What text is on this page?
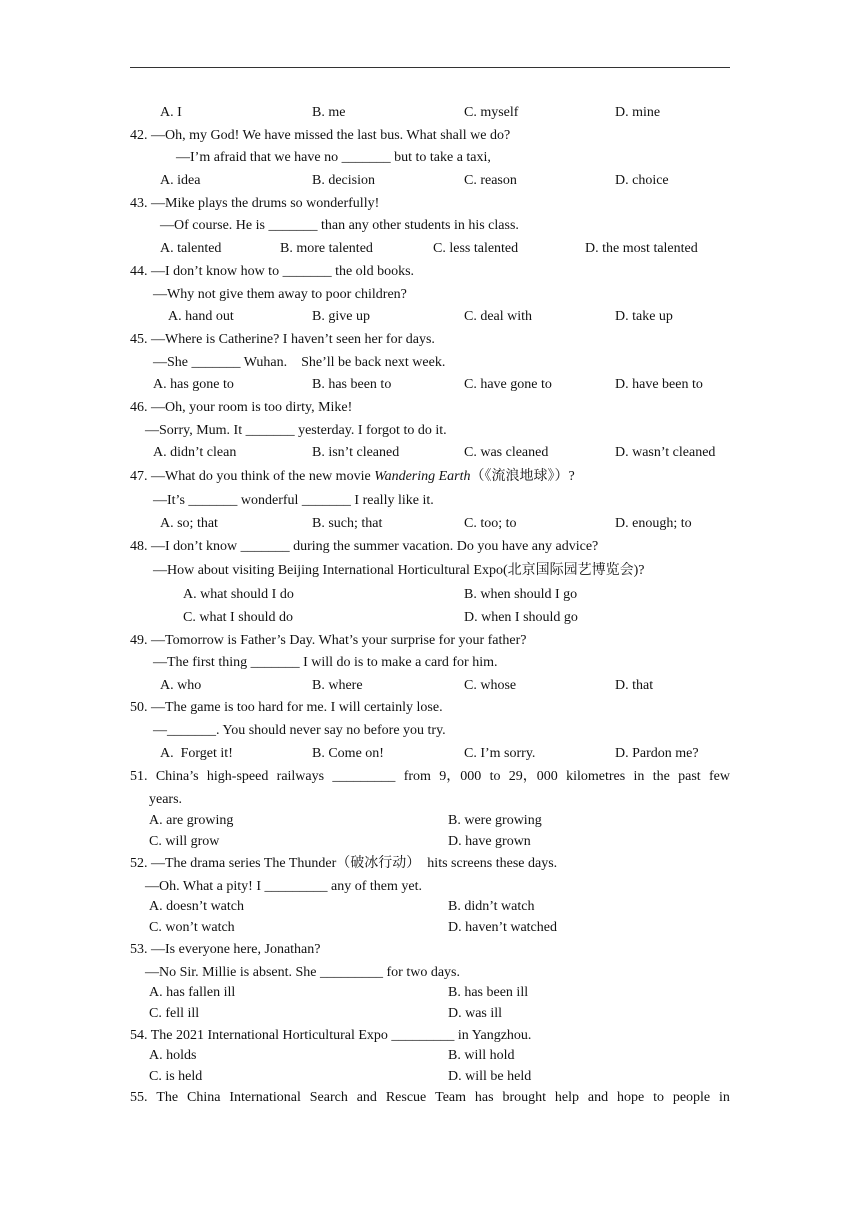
A. I	B. me	C. myself	D. mine
42. —Oh, my God! We have missed the last bus. What shall we do?
—I’m afraid that we have no _______ but to take a taxi,
A. idea	B. decision	C. reason	D. choice
43. —Mike plays the drums so wonderfully!
—Of course. He is _______ than any other students in his class.
A. talented	B. more talented	C. less talented	D. the most talented
44. —I don’t know how to _______ the old books.
—Why not give them away to poor children?
A. hand out	B. give up	C. deal with	D. take up
45. —Where is Catherine? I haven’t seen her for days.
—She _______ Wuhan.    She’ll be back next week.
A. has gone to	B. has been to	C. have gone to	D. have been to
46. —Oh, your room is too dirty, Mike!
—Sorry, Mum. It _______ yesterday. I forgot to do it.
A. didn’t clean	B. isn’t cleaned	C. was cleaned	D. wasn’t cleaned
47. —What do you think of the new movie Wandering Earth（《流浪地球》）?
—It’s _______ wonderful _______ I really like it.
A. so; that	B. such; that	C. too; to	D. enough; to
48. —I don’t know _______ during the summer vacation. Do you have any advice?
—How about visiting Beijing International Horticultural Expo(北京国际园艺博览会)?
A. what should I do	B. when should I go
C. what I should do	D. when I should go
49. —Tomorrow is Father’s Day. What’s your surprise for your father?
—The first thing _______ I will do is to make a card for him.
A. who	B. where	C. whose	D. that
50. —The game is too hard for me. I will certainly lose.
—_______. You should never say no before you try.
A.  Forget it!	B. Come on!	C. I’m sorry.	D. Pardon me?
51. China’s high-speed railways _________ from 9，000 to 29，000 kilometres in the past few
years.
A. are growing	B. were growing
C. will grow	D. have grown
52. —The drama series The Thunder（破冰行动）  hits screens these days.
—Oh. What a pity! I _________ any of them yet.
A. doesn’t watch	B. didn’t watch
C. won’t watch	D. haven’t watched
53. —Is everyone here, Jonathan?
—No Sir. Millie is absent. She _________ for two days.
A. has fallen ill	B. has been ill
C. fell ill	D. was ill
54. The 2021 International Horticultural Expo _________ in Yangzhou.
A. holds	B. will hold
C. is held	D. will be held
55. The China International Search and Rescue Team has brought help and hope to people in
